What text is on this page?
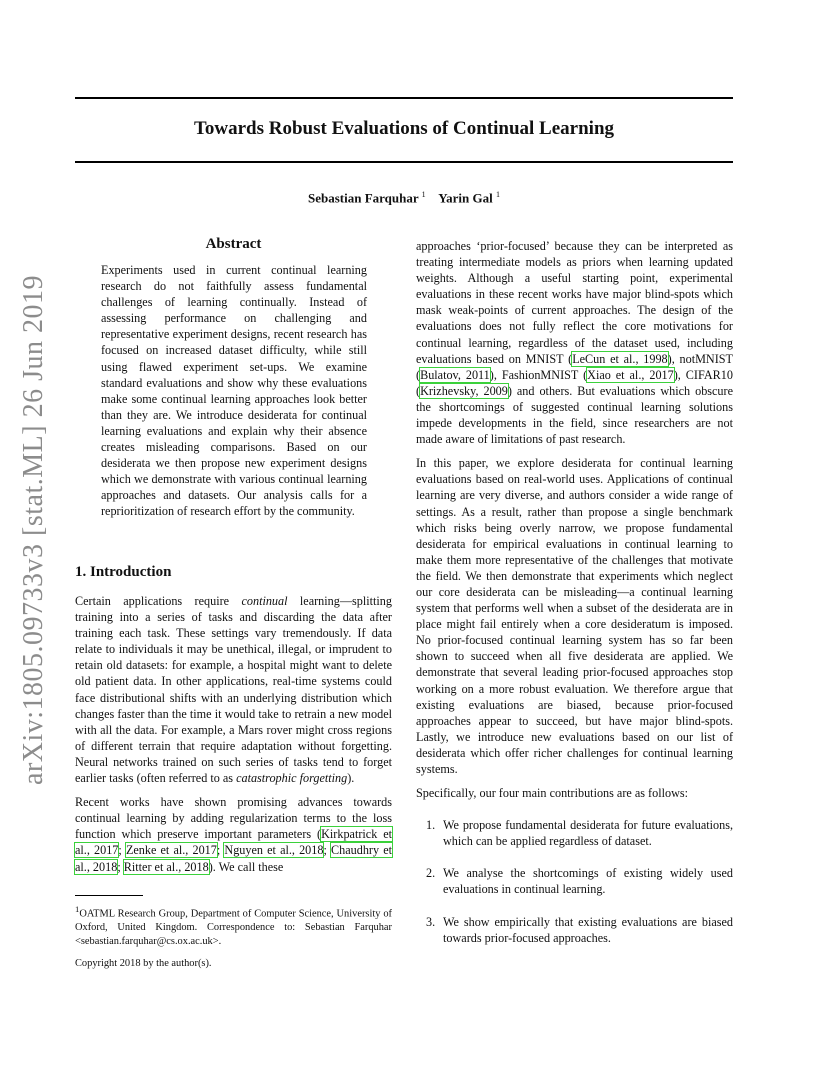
arXiv:1805.09733v3 [stat.ML] 26 Jun 2019
Towards Robust Evaluations of Continual Learning
Sebastian Farquhar $^1$ Yarin Gal $^1$
Abstract
Experiments used in current continual learning research do not faithfully assess fundamental challenges of learning continually. Instead of assessing performance on challenging and representative experiment designs, recent research has focused on increased dataset difficulty, while still using flawed experiment set-ups. We examine standard evaluations and show why these evaluations make some continual learning approaches look better than they are. We introduce desiderata for continual learning evaluations and explain why their absence creates misleading comparisons. Based on our desiderata we then propose new experiment designs which we demonstrate with various continual learning approaches and datasets. Our analysis calls for a reprioritization of research effort by the community.
1. Introduction

Certain applications require continual learning—splitting training into a series of tasks and discarding the data after training each task. These settings vary tremendously. If data relate to individuals it may be unethical, illegal, or imprudent to retain old datasets: for example, a hospital might want to delete old patient data. In other applications, real-time systems could face distributional shifts with an underlying distribution which changes faster than the time it would take to retrain a new model with all the data. For example, a Mars rover might cross regions of different terrain that require adaptation without forgetting. Neural networks trained on such series of tasks tend to forget earlier tasks (often referred to as catastrophic forgetting).

Recent works have shown promising advances towards continual learning by adding regularization terms to the loss function which preserve important parameters (Kirkpatrick et al., 2017; Zenke et al., 2017; Nguyen et al., 2018; Chaudhry et al., 2018; Ritter et al., 2018). We call these

$^1$OATML Research Group, Department of Computer Science, University of Oxford, United Kingdom. Correspondence to: Sebastian Farquhar <sebastian.farquhar@cs.ox.ac.uk>.
Copyright 2018 by the author(s).

approaches ‘prior-focused’ because they can be interpreted as treating intermediate models as priors when learning updated weights. Although a useful starting point, experimental evaluations in these recent works have major blind-spots which mask weak-points of current approaches. The design of the evaluations does not fully reflect the core motivations for continual learning, regardless of the dataset used, including evaluations based on MNIST (LeCun et al., 1998), notMNIST (Bulatov, 2011), FashionMNIST (Xiao et al., 2017), CIFAR10 (Krizhevsky, 2009) and others. But evaluations which obscure the shortcomings of suggested continual learning solutions impede developments in the field, since researchers are not made aware of limitations of past research.

In this paper, we explore desiderata for continual learning evaluations based on real-world uses. Applications of continual learning are very diverse, and authors consider a wide range of settings. As a result, rather than propose a single benchmark which risks being overly narrow, we propose fundamental desiderata for empirical evaluations in continual learning to make them more representative of the challenges that motivate the field. We then demonstrate that experiments which neglect our core desiderata can be misleading—a continual learning system that performs well when a subset of the desiderata are in place might fail entirely when a core desideratum is imposed. No prior-focused continual learning system has so far been shown to succeed when all five desiderata are applied. We demonstrate that several leading prior-focused approaches stop working on a more robust evaluation. We therefore argue that existing evaluations are biased, because prior-focused approaches appear to succeed, but have major blind-spots. Lastly, we introduce new evaluations based on our list of desiderata which offer richer challenges for continual learning systems.

Specifically, our four main contributions are as follows:

1. We propose fundamental desiderata for future evaluations, which can be applied regardless of dataset.

2. We analyse the shortcomings of existing widely used evaluations in continual learning.

3. We show empirically that existing evaluations are biased towards prior-focused approaches.
